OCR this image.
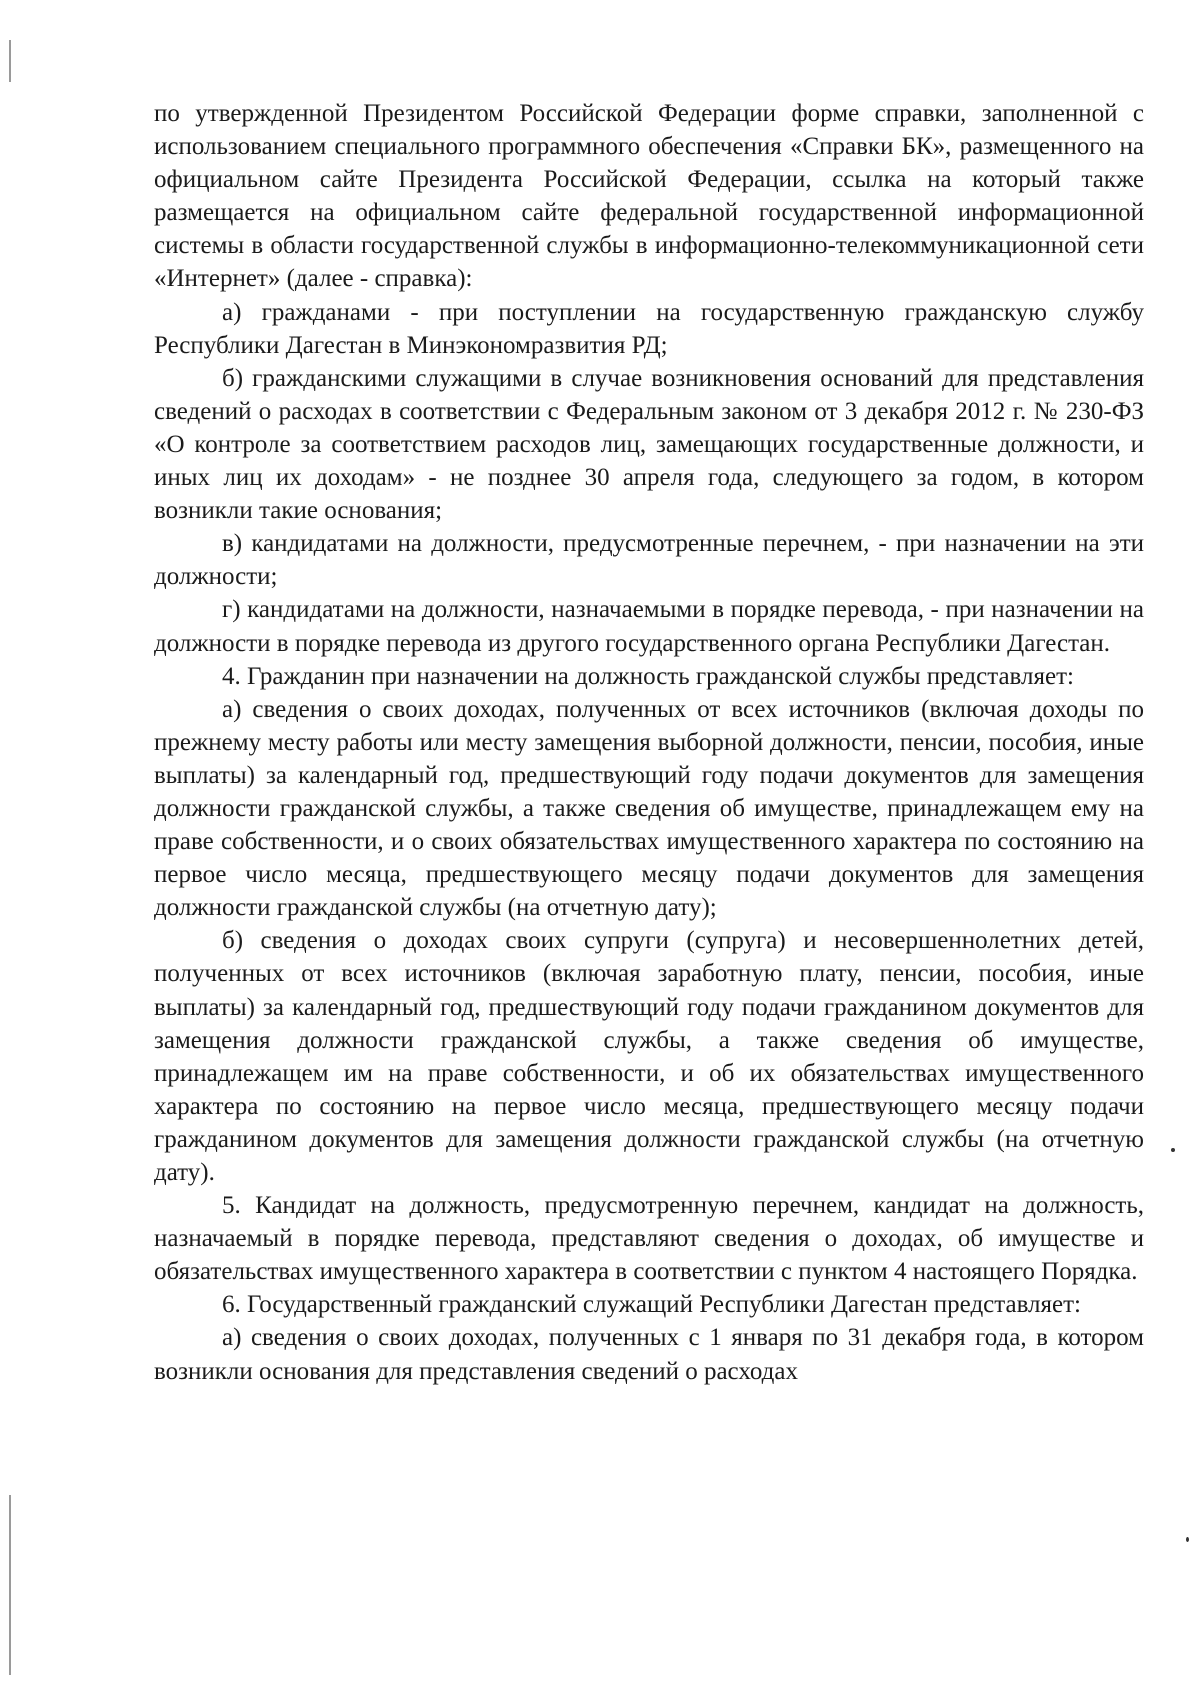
по утвержденной Президентом Российской Федерации форме справки, заполненной с использованием специального программного обеспечения «Справки БК», размещенного на официальном сайте Президента Российской Федерации, ссылка на который также размещается на официальном сайте федеральной государственной информационной системы в области государственной службы в информационно-телекоммуникационной сети «Интернет» (далее - справка):

а) гражданами - при поступлении на государственную гражданскую службу Республики Дагестан в Минэкономразвития РД;

б) гражданскими служащими в случае возникновения оснований для представления сведений о расходах в соответствии с Федеральным законом от 3 декабря 2012 г. № 230-ФЗ «О контроле за соответствием расходов лиц, замещающих государственные должности, и иных лиц их доходам» - не позднее 30 апреля года, следующего за годом, в котором возникли такие основания;

в) кандидатами на должности, предусмотренные перечнем, - при назначении на эти должности;

г) кандидатами на должности, назначаемыми в порядке перевода, - при назначении на должности в порядке перевода из другого государственного органа Республики Дагестан.

4. Гражданин при назначении на должность гражданской службы представляет:

а) сведения о своих доходах, полученных от всех источников (включая доходы по прежнему месту работы или месту замещения выборной должности, пенсии, пособия, иные выплаты) за календарный год, предшествующий году подачи документов для замещения должности гражданской службы, а также сведения об имуществе, принадлежащем ему на праве собственности, и о своих обязательствах имущественного характера по состоянию на первое число месяца, предшествующего месяцу подачи документов для замещения должности гражданской службы (на отчетную дату);

б) сведения о доходах своих супруги (супруга) и несовершеннолетних детей, полученных от всех источников (включая заработную плату, пенсии, пособия, иные выплаты) за календарный год, предшествующий году подачи гражданином документов для замещения должности гражданской службы, а также сведения об имуществе, принадлежащем им на праве собственности, и об их обязательствах имущественного характера по состоянию на первое число месяца, предшествующего месяцу подачи гражданином документов для замещения должности гражданской службы (на отчетную дату).

5. Кандидат на должность, предусмотренную перечнем, кандидат на должность, назначаемый в порядке перевода, представляют сведения о доходах, об имуществе и обязательствах имущественного характера в соответствии с пунктом 4 настоящего Порядка.

6. Государственный гражданский служащий Республики Дагестан представляет:

а) сведения о своих доходах, полученных с 1 января по 31 декабря года, в котором возникли основания для представления сведений о расходах
